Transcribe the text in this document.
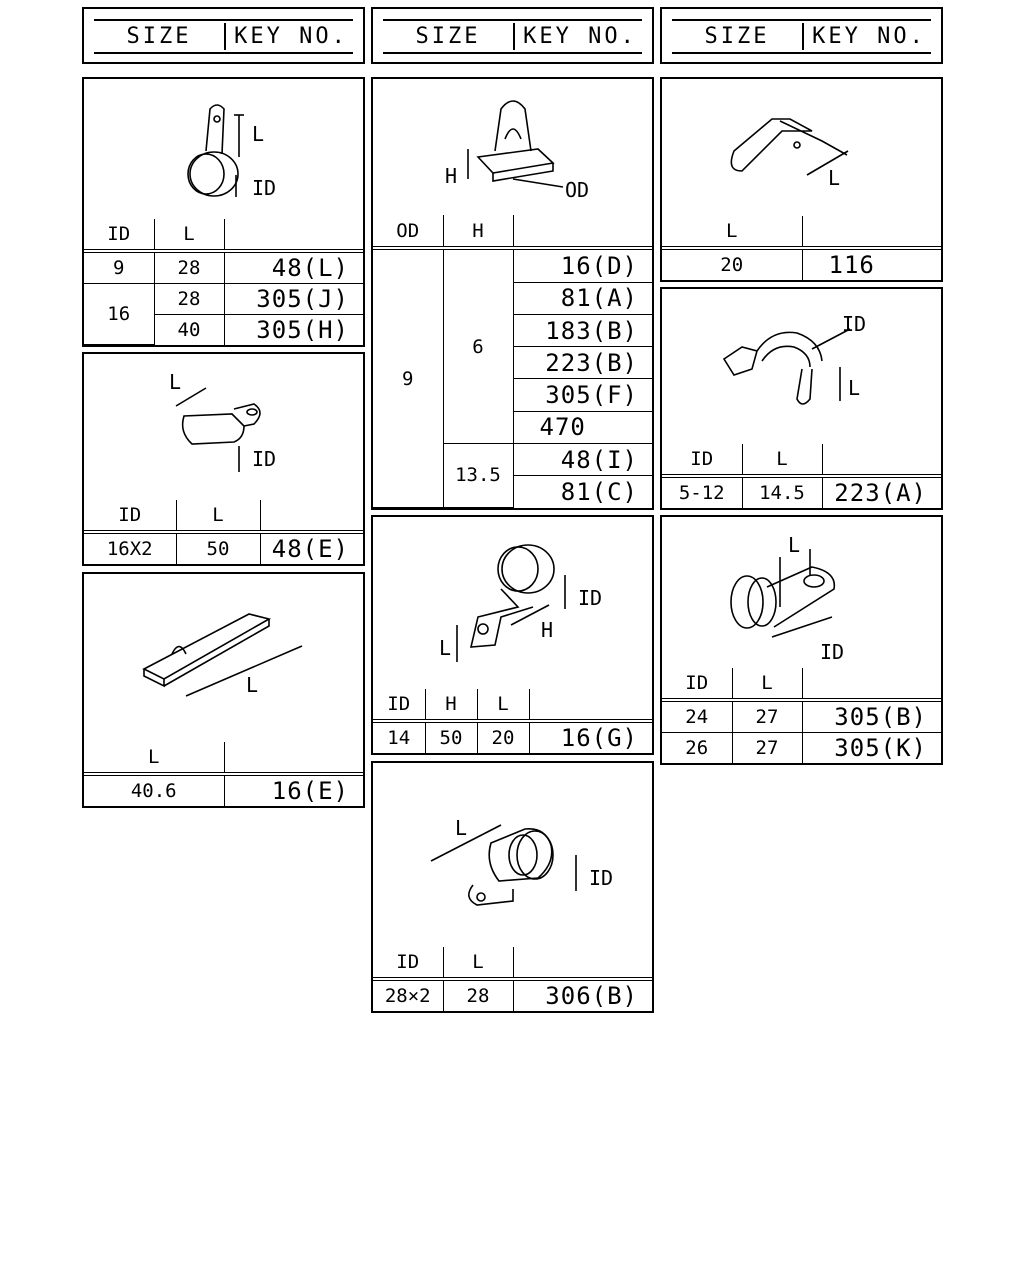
SIZE	KEY NO.	SIZE	KEY NO.	SIZE	KEY NO.
L
ID
ID	L	
9	28	48(L)
16	28	305(J)
	40	305(H)
L
ID
ID	L	
16X2	50	48(E)
L
L	
40.6	16(E)
H
OD
OD	H	
9	6	16(D)
		81(A)
		183(B)
		223(B)
		305(F)
		470
	13.5	48(I)
		81(C)
ID
H
L
ID	H	L	
14	50	20	16(G)
L
ID
ID	L	
28×2	28	306(B)
L
L	
20	116
ID
L
ID	L	
5-12	14.5	223(A)
L
ID
ID	L	
24	27	305(B)
26	27	305(K)
